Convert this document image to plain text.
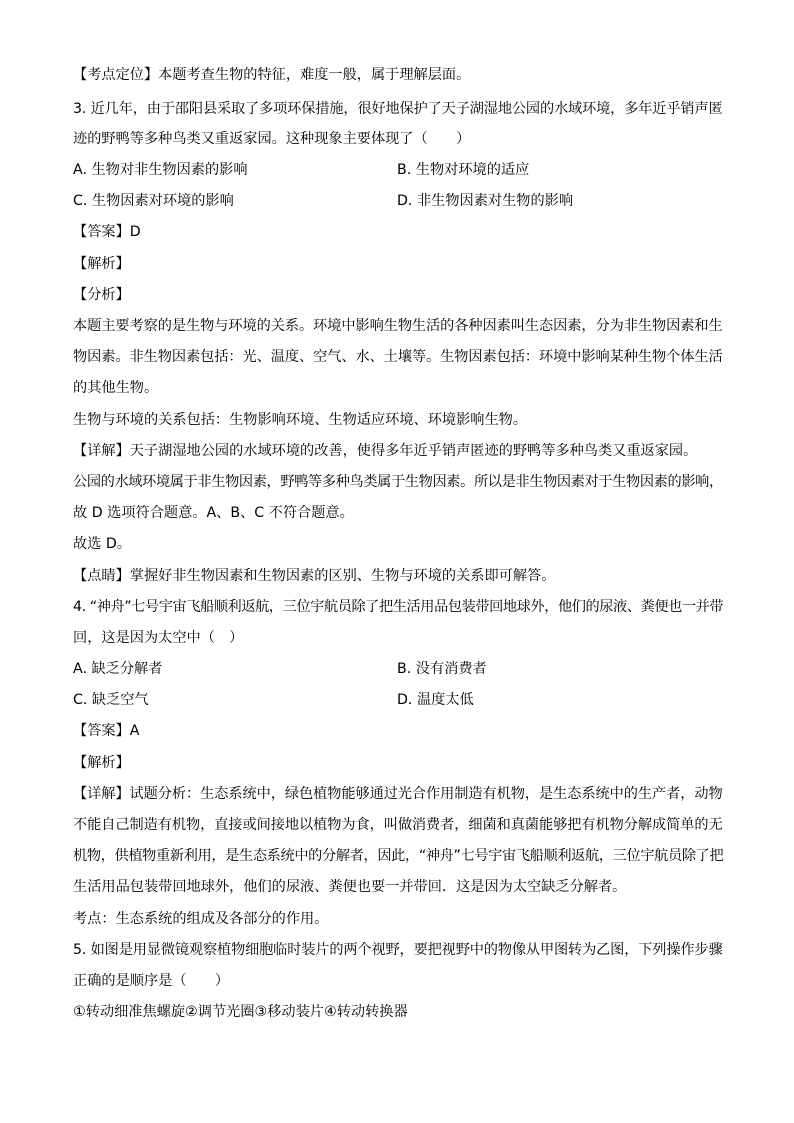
【考点定位】本题考查生物的特征，难度一般，属于理解层面。
3. 近几年，由于邵阳县采取了多项环保措施，很好地保护了天子湖湿地公园的水域环境，多年近乎销声匿
迹的野鸭等多种鸟类又重返家园。这种现象主要体现了（　　）
A. 生物对非生物因素的影响	B. 生物对环境的适应
C. 生物因素对环境的影响	D. 非生物因素对生物的影响
【答案】D
【解析】
【分析】
本题主要考察的是生物与环境的关系。环境中影响生物生活的各种因素叫生态因素，分为非生物因素和生
物因素。非生物因素包括：光、温度、空气、水、土壤等。生物因素包括：环境中影响某种生物个体生活
的其他生物。
生物与环境的关系包括：生物影响环境、生物适应环境、环境影响生物。
【详解】天子湖湿地公园的水域环境的改善，使得多年近乎销声匿迹的野鸭等多种鸟类又重返家园。
公园的水域环境属于非生物因素，野鸭等多种鸟类属于生物因素。所以是非生物因素对于生物因素的影响，
故 D 选项符合题意。A、B、C 不符合题意。
故选 D。
【点睛】掌握好非生物因素和生物因素的区别、生物与环境的关系即可解答。
4. “神舟”七号宇宙飞船顺利返航，三位宇航员除了把生活用品包装带回地球外，他们的尿液、粪便也一并带
回，这是因为太空中（　）
A. 缺乏分解者	B. 没有消费者
C. 缺乏空气	D. 温度太低
【答案】A
【解析】
【详解】试题分析：生态系统中，绿色植物能够通过光合作用制造有机物，是生态系统中的生产者，动物
不能自己制造有机物，直接或间接地以植物为食，叫做消费者，细菌和真菌能够把有机物分解成简单的无
机物，供植物重新利用，是生态系统中的分解者，因此，“神舟”七号宇宙飞船顺利返航，三位宇航员除了把
生活用品包装带回地球外，他们的尿液、粪便也要一并带回．这是因为太空缺乏分解者。
考点：生态系统的组成及各部分的作用。
5. 如图是用显微镜观察植物细胞临时装片的两个视野，要把视野中的物像从甲图转为乙图，下列操作步骤
正确的是顺序是（　　）
①转动细准焦螺旋②调节光圈③移动装片④转动转换器
